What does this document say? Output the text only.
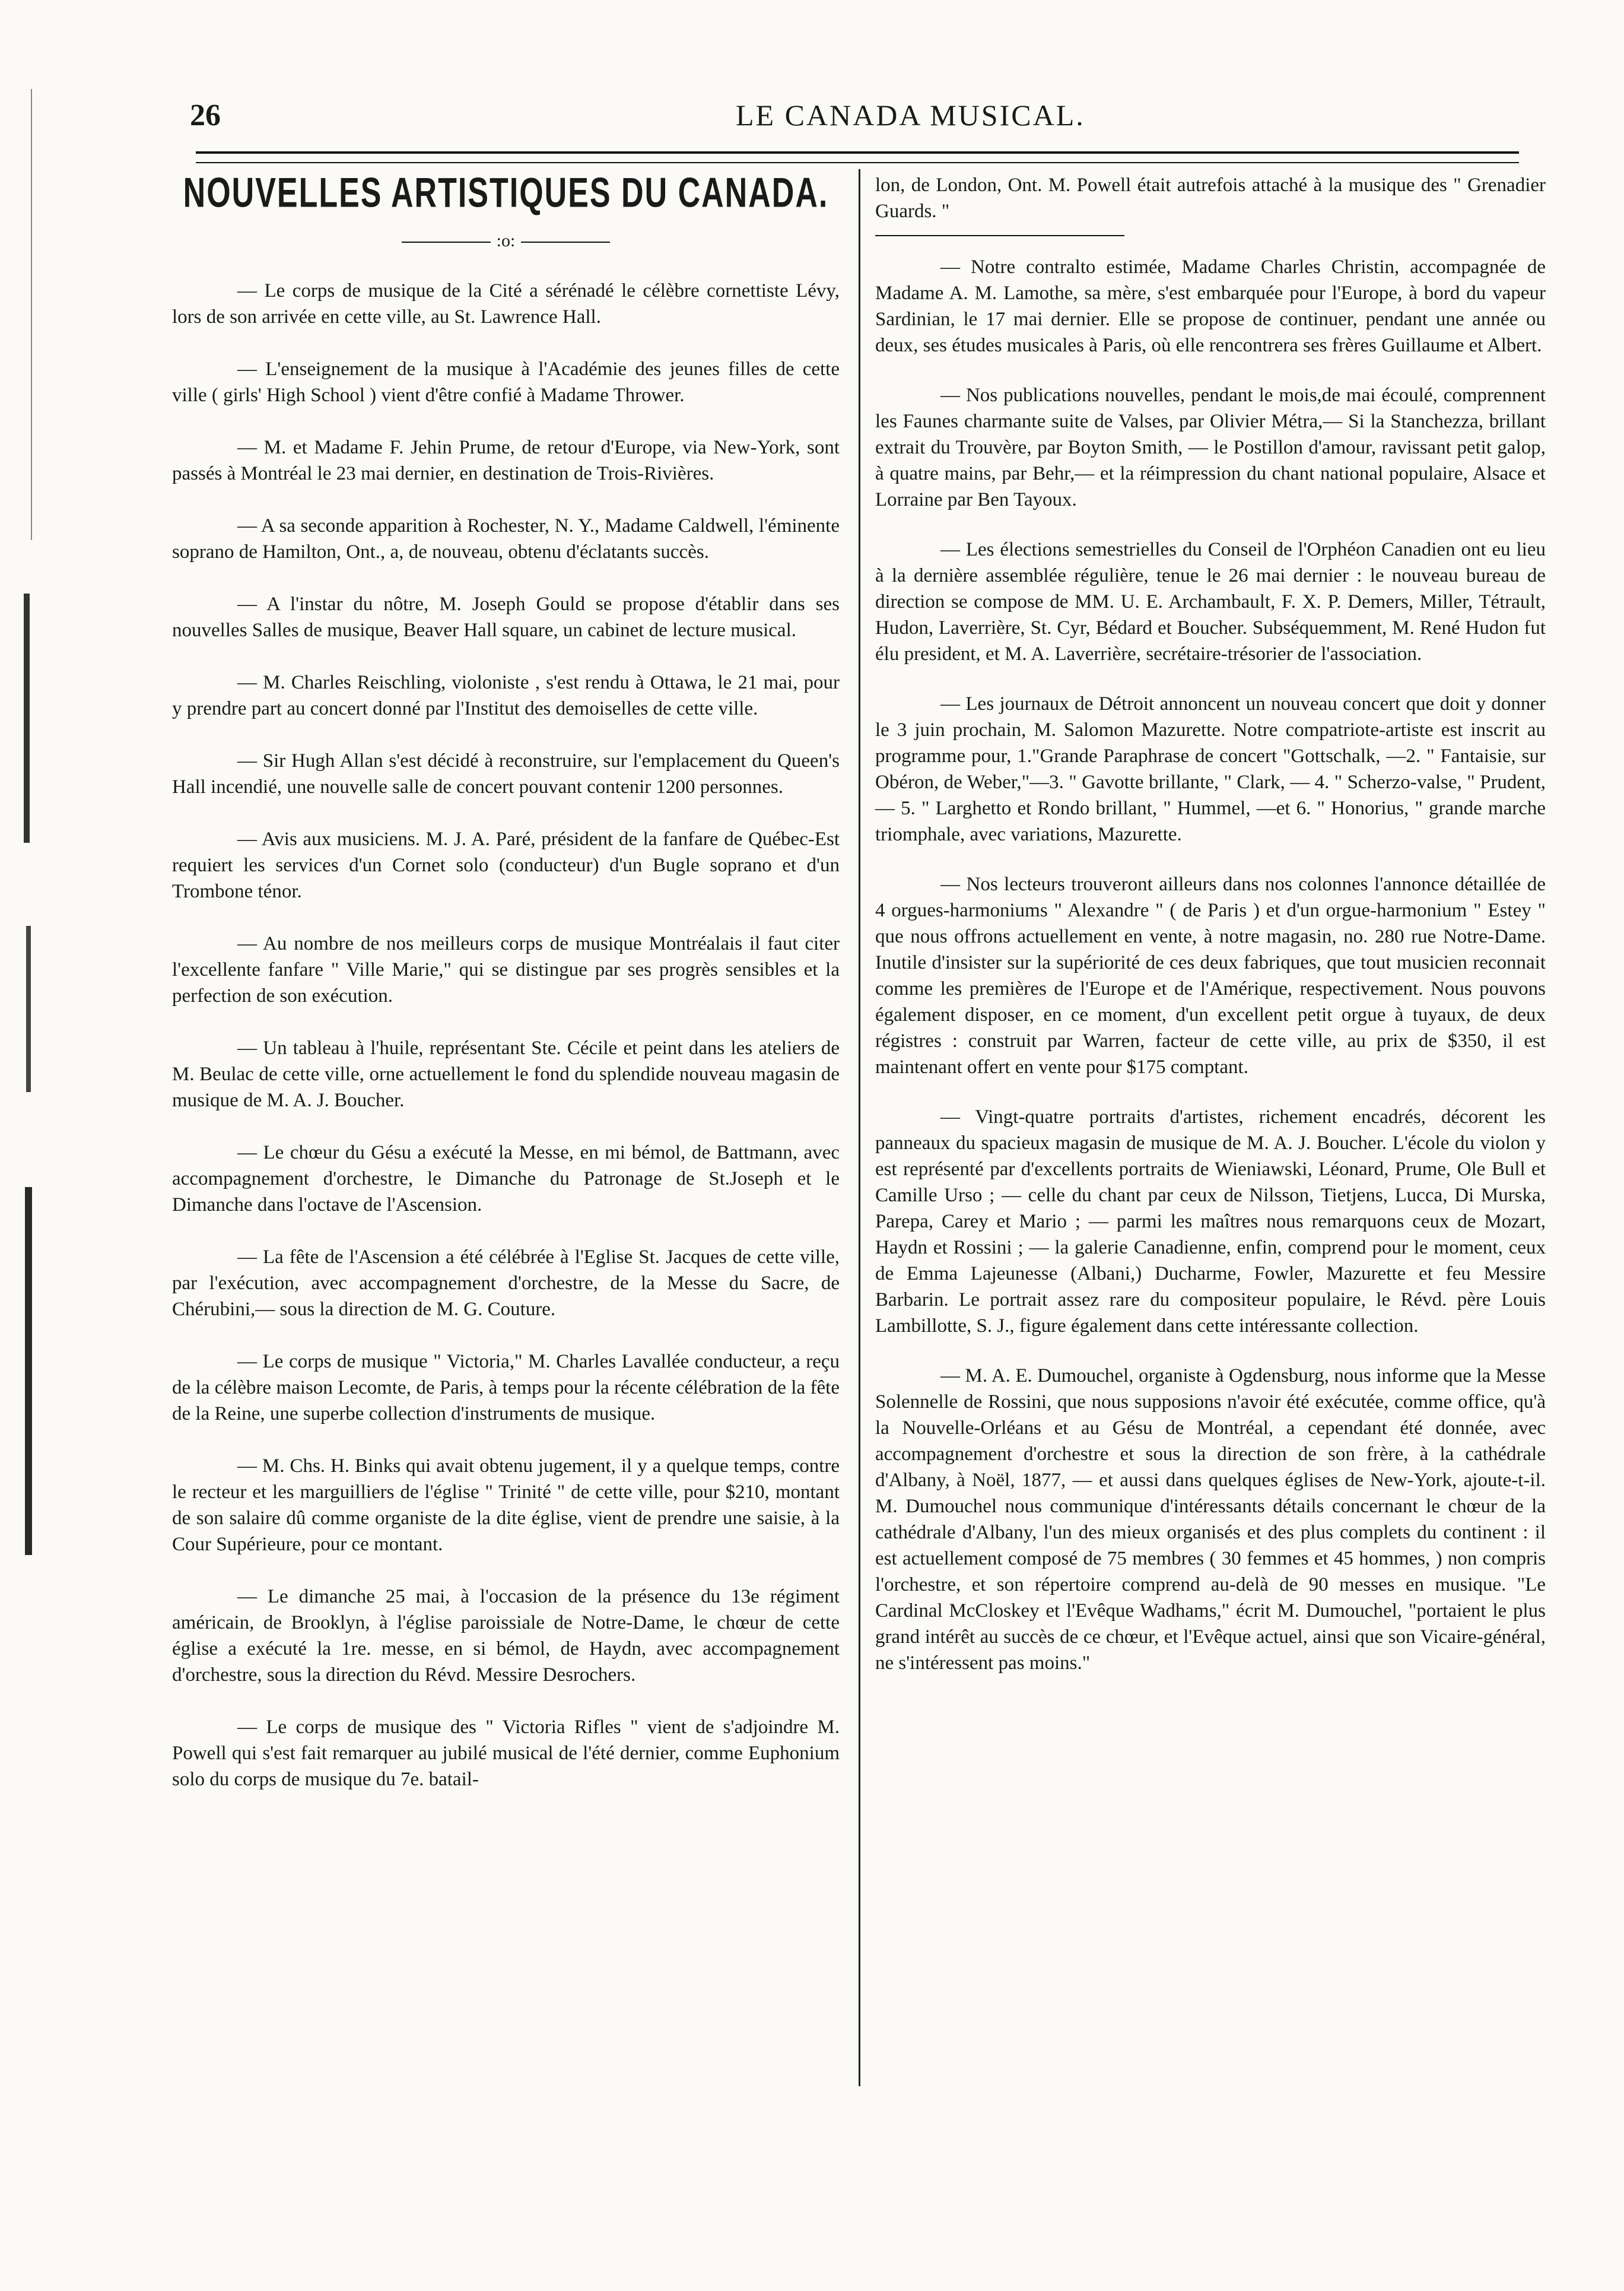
26	LE CANADA MUSICAL.
NOUVELLES ARTISTIQUES DU CANADA.
:o:

— Le corps de musique de la Cité a sérénadé le célèbre cornettiste Lévy, lors de son arrivée en cette ville, au St. Lawrence Hall.

— L'enseignement de la musique à l'Académie des jeunes filles de cette ville ( girls' High School ) vient d'être confié à Madame Thrower.

— M. et Madame F. Jehin Prume, de retour d'Europe, via New-York, sont passés à Montréal le 23 mai dernier, en destination de Trois-Rivières.

— A sa seconde apparition à Rochester, N. Y., Madame Caldwell, l'éminente soprano de Hamilton, Ont., a, de nouveau, obtenu d'éclatants succès.

— A l'instar du nôtre, M. Joseph Gould se propose d'établir dans ses nouvelles Salles de musique, Beaver Hall square, un cabinet de lecture musical.

— M. Charles Reischling, violoniste , s'est rendu à Ottawa, le 21 mai, pour y prendre part au concert donné par l'Institut des demoiselles de cette ville.

— Sir Hugh Allan s'est décidé à reconstruire, sur l'emplacement du Queen's Hall incendié, une nouvelle salle de concert pouvant contenir 1200 personnes.

— Avis aux musiciens. M. J. A. Paré, président de la fanfare de Québec-Est requiert les services d'un Cornet solo (conducteur) d'un Bugle soprano et d'un Trombone ténor.

— Au nombre de nos meilleurs corps de musique Montréalais il faut citer l'excellente fanfare " Ville Marie," qui se distingue par ses progrès sensibles et la perfection de son exécution.

— Un tableau à l'huile, représentant Ste. Cécile et peint dans les ateliers de M. Beulac de cette ville, orne actuellement le fond du splendide nouveau magasin de musique de M. A. J. Boucher.

— Le chœur du Gésu a exécuté la Messe, en mi bémol, de Battmann, avec accompagnement d'orchestre, le Dimanche du Patronage de St.Joseph et le Dimanche dans l'octave de l'Ascension.

— La fête de l'Ascension a été célébrée à l'Eglise St. Jacques de cette ville, par l'exécution, avec accompagnement d'orchestre, de la Messe du Sacre, de Chérubini,— sous la direction de M. G. Couture.

— Le corps de musique " Victoria," M. Charles Lavallée conducteur, a reçu de la célèbre maison Lecomte, de Paris, à temps pour la récente célébration de la fête de la Reine, une superbe collection d'instruments de musique.

— M. Chs. H. Binks qui avait obtenu jugement, il y a quelque temps, contre le recteur et les marguilliers de l'église " Trinité " de cette ville, pour $210, montant de son salaire dû comme organiste de la dite église, vient de prendre une saisie, à la Cour Supérieure, pour ce montant.

— Le dimanche 25 mai, à l'occasion de la présence du 13e régiment américain, de Brooklyn, à l'église paroissiale de Notre-Dame, le chœur de cette église a exécuté la 1re. messe, en si bémol, de Haydn, avec accompagnement d'orchestre, sous la direction du Révd. Messire Desrochers.

— Le corps de musique des " Victoria Rifles " vient de s'adjoindre M. Powell qui s'est fait remarquer au jubilé musical de l'été dernier, comme Euphonium solo du corps de musique du 7e. batail-

lon, de London, Ont. M. Powell était autrefois attaché à la musique des " Grenadier Guards. "

— Notre contralto estimée, Madame Charles Christin, accompagnée de Madame A. M. Lamothe, sa mère, s'est embarquée pour l'Europe, à bord du vapeur Sardinian, le 17 mai dernier. Elle se propose de continuer, pendant une année ou deux, ses études musicales à Paris, où elle rencontrera ses frères Guillaume et Albert.

— Nos publications nouvelles, pendant le mois,de mai écoulé, comprennent les Faunes charmante suite de Valses, par Olivier Métra,— Si la Stanchezza, brillant extrait du Trouvère, par Boyton Smith, — le Postillon d'amour, ravissant petit galop, à quatre mains, par Behr,— et la réimpression du chant national populaire, Alsace et Lorraine par Ben Tayoux.

— Les élections semestrielles du Conseil de l'Orphéon Canadien ont eu lieu à la dernière assemblée régulière, tenue le 26 mai dernier : le nouveau bureau de direction se compose de MM. U. E. Archambault, F. X. P. Demers, Miller, Tétrault, Hudon, Laverrière, St. Cyr, Bédard et Boucher. Subséquemment, M. René Hudon fut élu president, et M. A. Laverrière, secrétaire-trésorier de l'association.

— Les journaux de Détroit annoncent un nouveau concert que doit y donner le 3 juin prochain, M. Salomon Mazurette. Notre compatriote-artiste est inscrit au programme pour, 1."Grande Paraphrase de concert "Gottschalk, —2. " Fantaisie, sur Obéron, de Weber,"—3. " Gavotte brillante, " Clark, — 4. " Scherzo-valse, " Prudent, — 5. " Larghetto et Rondo brillant, " Hummel, —et 6. " Honorius, " grande marche triomphale, avec variations, Mazurette.

— Nos lecteurs trouveront ailleurs dans nos colonnes l'annonce détaillée de 4 orgues-harmoniums " Alexandre " ( de Paris ) et d'un orgue-harmonium " Estey " que nous offrons actuellement en vente, à notre magasin, no. 280 rue Notre-Dame. Inutile d'insister sur la supériorité de ces deux fabriques, que tout musicien reconnait comme les premières de l'Europe et de l'Amérique, respectivement. Nous pouvons également disposer, en ce moment, d'un excellent petit orgue à tuyaux, de deux régistres : construit par Warren, facteur de cette ville, au prix de $350, il est maintenant offert en vente pour $175 comptant.

— Vingt-quatre portraits d'artistes, richement encadrés, décorent les panneaux du spacieux magasin de musique de M. A. J. Boucher. L'école du violon y est représenté par d'excellents portraits de Wieniawski, Léonard, Prume, Ole Bull et Camille Urso ; — celle du chant par ceux de Nilsson, Tietjens, Lucca, Di Murska, Parepa, Carey et Mario ; — parmi les maîtres nous remarquons ceux de Mozart, Haydn et Rossini ; — la galerie Canadienne, enfin, comprend pour le moment, ceux de Emma Lajeunesse (Albani,) Ducharme, Fowler, Mazurette et feu Messire Barbarin. Le portrait assez rare du compositeur populaire, le Révd. père Louis Lambillotte, S. J., figure également dans cette intéressante collection.

— M. A. E. Dumouchel, organiste à Ogdensburg, nous informe que la Messe Solennelle de Rossini, que nous supposions n'avoir été exécutée, comme office, qu'à la Nouvelle-Orléans et au Gésu de Montréal, a cependant été donnée, avec accompagnement d'orchestre et sous la direction de son frère, à la cathédrale d'Albany, à Noël, 1877, — et aussi dans quelques églises de New-York, ajoute-t-il. M. Dumouchel nous communique d'intéressants détails concernant le chœur de la cathédrale d'Albany, l'un des mieux organisés et des plus complets du continent : il est actuellement composé de 75 membres ( 30 femmes et 45 hommes, ) non compris l'orchestre, et son répertoire comprend au-delà de 90 messes en musique. "Le Cardinal McCloskey et l'Evêque Wadhams," écrit M. Dumouchel, "portaient le plus grand intérêt au succès de ce chœur, et l'Evêque actuel, ainsi que son Vicaire-général, ne s'intéressent pas moins."
